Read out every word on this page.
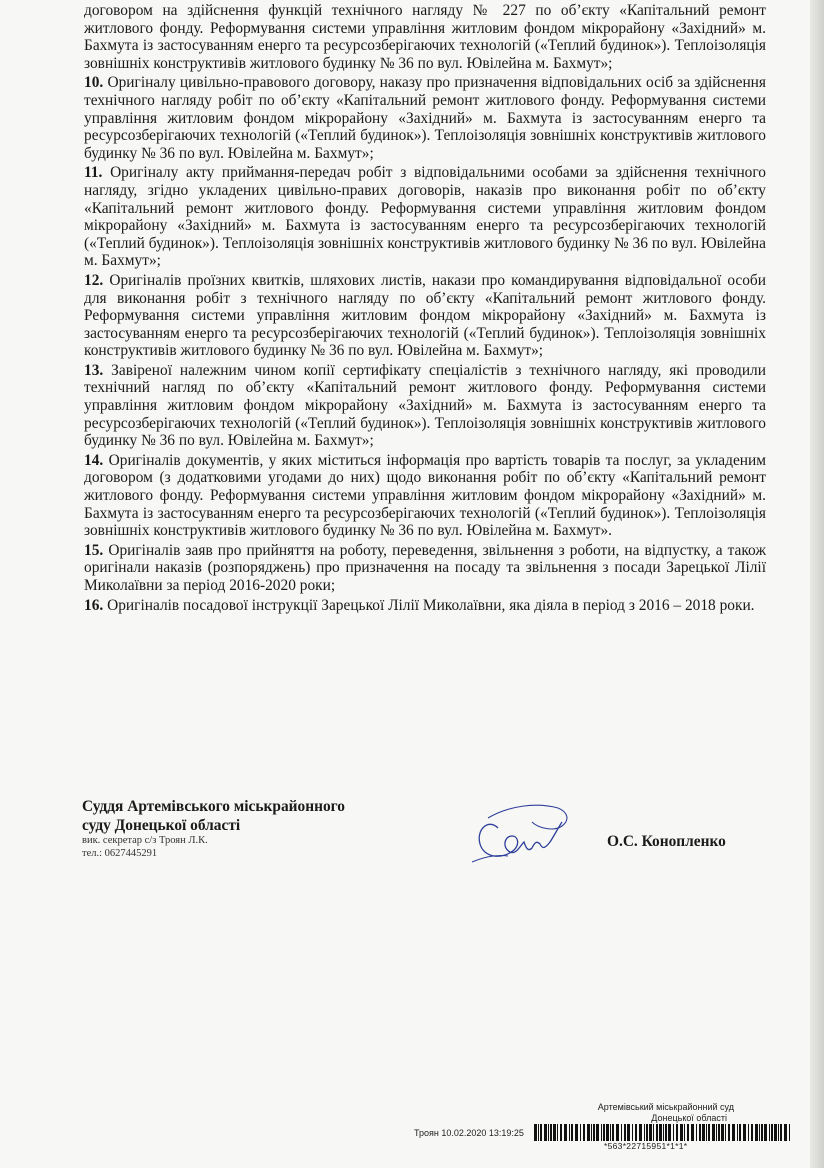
договором на здійснення функцій технічного нагляду № 227 по об’єкту «Капітальний ремонт житлового фонду. Реформування системи управління житловим фондом мікрорайону «Західний» м. Бахмута із застосуванням енерго та ресурсозберігаючих технологій («Теплий будинок»). Теплоізоляція зовнішніх конструктивів житлового будинку № 36 по вул. Ювілейна м. Бахмут»;
10. Оригіналу цивільно-правового договору, наказу про призначення відповідальних осіб за здійснення технічного нагляду робіт по об’єкту «Капітальний ремонт житлового фонду. Реформування системи управління житловим фондом мікрорайону «Західний» м. Бахмута із застосуванням енерго та ресурсозберігаючих технологій («Теплий будинок»). Теплоізоляція зовнішніх конструктивів житлового будинку № 36 по вул. Ювілейна м. Бахмут»;
11. Оригіналу акту приймання-передач робіт з відповідальними особами за здійснення технічного нагляду, згідно укладених цивільно-правих договорів, наказів про виконання робіт по об’єкту «Капітальний ремонт житлового фонду. Реформування системи управління житловим фондом мікрорайону «Західний» м. Бахмута із застосуванням енерго та ресурсозберігаючих технологій («Теплий будинок»). Теплоізоляція зовнішніх конструктивів житлового будинку № 36 по вул. Ювілейна м. Бахмут»;
12. Оригіналів проїзних квитків, шляхових листів, накази про командирування відповідальної особи для виконання робіт з технічного нагляду по об’єкту «Капітальний ремонт житлового фонду. Реформування системи управління житловим фондом мікрорайону «Західний» м. Бахмута із застосуванням енерго та ресурсозберігаючих технологій («Теплий будинок»). Теплоізоляція зовнішніх конструктивів житлового будинку № 36 по вул. Ювілейна м. Бахмут»;
13. Завіреної належним чином копії сертифікату спеціалістів з технічного нагляду, які проводили технічний нагляд по об’єкту «Капітальний ремонт житлового фонду. Реформування системи управління житловим фондом мікрорайону «Західний» м. Бахмута із застосуванням енерго та ресурсозберігаючих технологій («Теплий будинок»). Теплоізоляція зовнішніх конструктивів житлового будинку № 36 по вул. Ювілейна м. Бахмут»;
14. Оригіналів документів, у яких міститься інформація про вартість товарів та послуг, за укладеним договором (з додатковими угодами до них) щодо виконання робіт по об’єкту «Капітальний ремонт житлового фонду. Реформування системи управління житловим фондом мікрорайону «Західний» м. Бахмута із застосуванням енерго та ресурсозберігаючих технологій («Теплий будинок»). Теплоізоляція зовнішніх конструктивів житлового будинку № 36 по вул. Ювілейна м. Бахмут».
15. Оригіналів заяв про прийняття на роботу, переведення, звільнення з роботи, на відпустку, а також оригінали наказів (розпоряджень) про призначення на посаду та звільнення з посади Зарецької Лілії Миколаївни за період 2016-2020 роки;
16. Оригіналів посадової інструкції Зарецької Лілії Миколаївни, яка діяла в період з 2016 – 2018 роки.
Суддя Артемівського міськрайонного
суду Донецької області
вик. секретар с/з Троян Л.К.
тел.: 0627445291
О.С. Коноплeнко
Артемівський міськрайонний суд
Донецької області
Троян 10.02.2020 13:19:25
*563*22715951*1*1*
